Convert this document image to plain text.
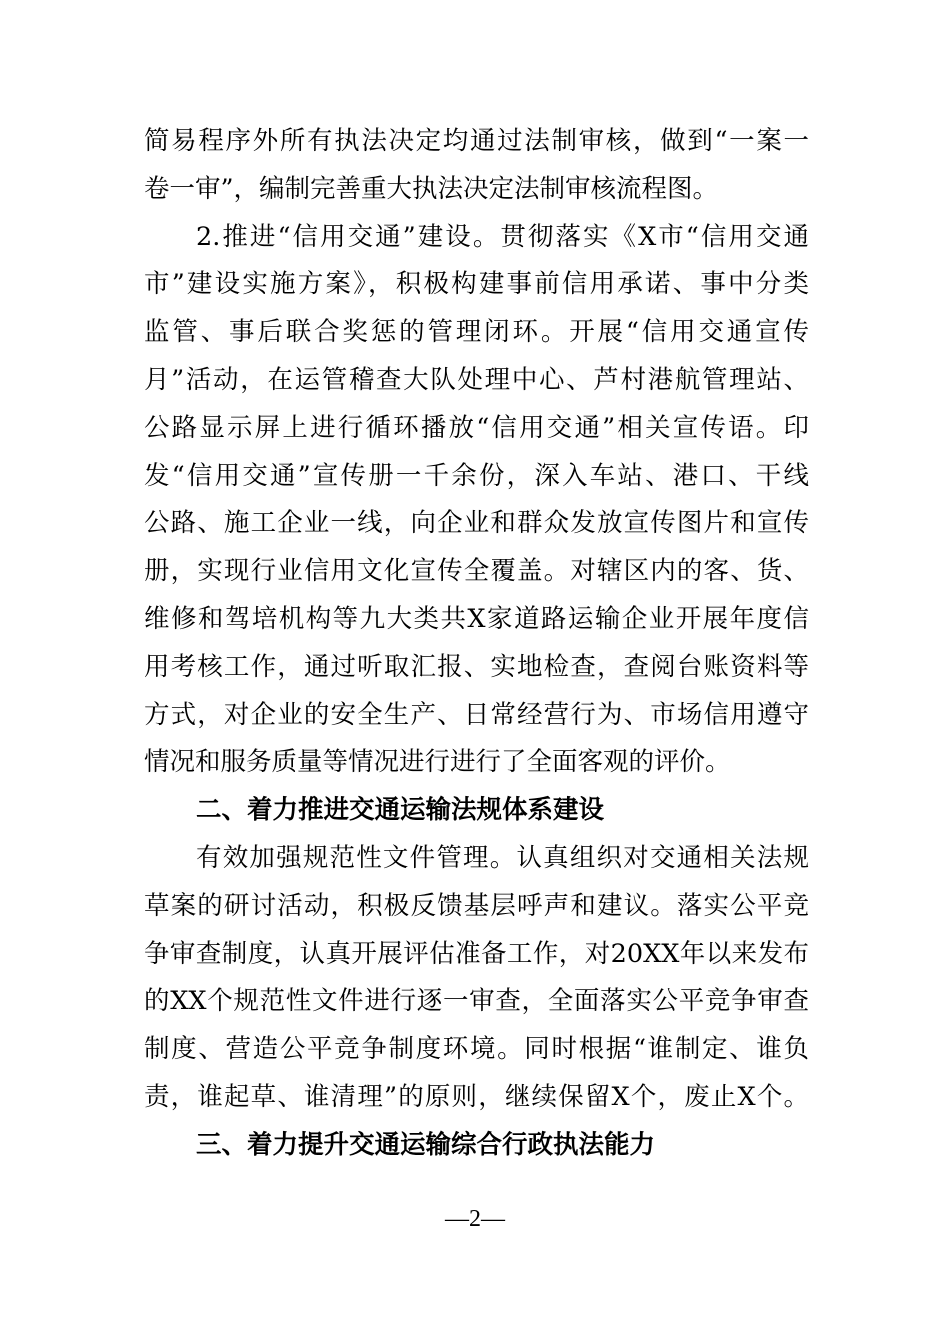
简易程序外所有执法决定均通过法制审核，做到“一案一
卷一审”，编制完善重大执法决定法制审核流程图。
2.推进“信用交通”建设。贯彻落实《X市“信用交通
市”建设实施方案》，积极构建事前信用承诺、事中分类
监管、事后联合奖惩的管理闭环。开展“信用交通宣传
月”活动，在运管稽查大队处理中心、芦村港航管理站、
公路显示屏上进行循环播放“信用交通”相关宣传语。印
发“信用交通”宣传册一千余份，深入车站、港口、干线
公路、施工企业一线，向企业和群众发放宣传图片和宣传
册，实现行业信用文化宣传全覆盖。对辖区内的客、货、
维修和驾培机构等九大类共X家道路运输企业开展年度信
用考核工作，通过听取汇报、实地检查，查阅台账资料等
方式，对企业的安全生产、日常经营行为、市场信用遵守
情况和服务质量等情况进行进行了全面客观的评价。
二、着力推进交通运输法规体系建设
有效加强规范性文件管理。认真组织对交通相关法规
草案的研讨活动，积极反馈基层呼声和建议。落实公平竞
争审查制度，认真开展评估准备工作，对20XX年以来发布
的XX个规范性文件进行逐一审查，全面落实公平竞争审查
制度、营造公平竞争制度环境。同时根据“谁制定、谁负
责，谁起草、谁清理”的原则，继续保留X个，废止X个。
三、着力提升交通运输综合行政执法能力
—2—
